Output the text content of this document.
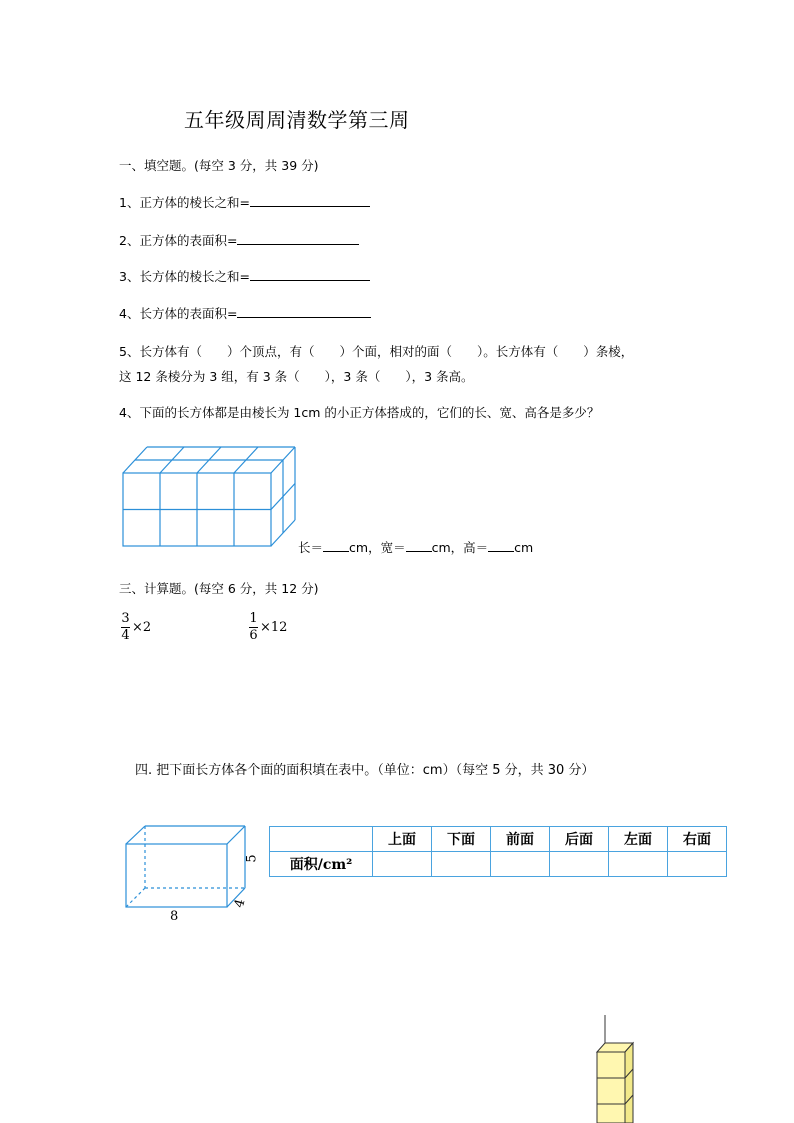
五年级周周清数学第三周
一、填空题。(每空 3 分，共 39 分)
1、正方体的棱长之和=
2、正方体的表面积=
3、长方体的棱长之和=
4、长方体的表面积=
5、长方体有（　　）个顶点，有（　　）个面，相对的面（　　）。长方体有（　　）条棱，
这 12 条棱分为 3 组，有 3 条（　　），3 条（　　），3 条高。
4、下面的长方体都是由棱长为 1cm 的小正方体搭成的，它们的长、宽、高各是多少？
长＝ cm，宽＝ cm，高＝ cm
三、计算题。(每空 6 分，共 12 分)
$\frac{3}{4} \times 2$	$\frac{1}{6} \times 12$
四. 把下面长方体各个面的面积填在表中。（单位：cm）（每空 5 分，共 30 分）
8
4
5
	上面	下面	前面	后面	左面	右面
面积/cm²						
